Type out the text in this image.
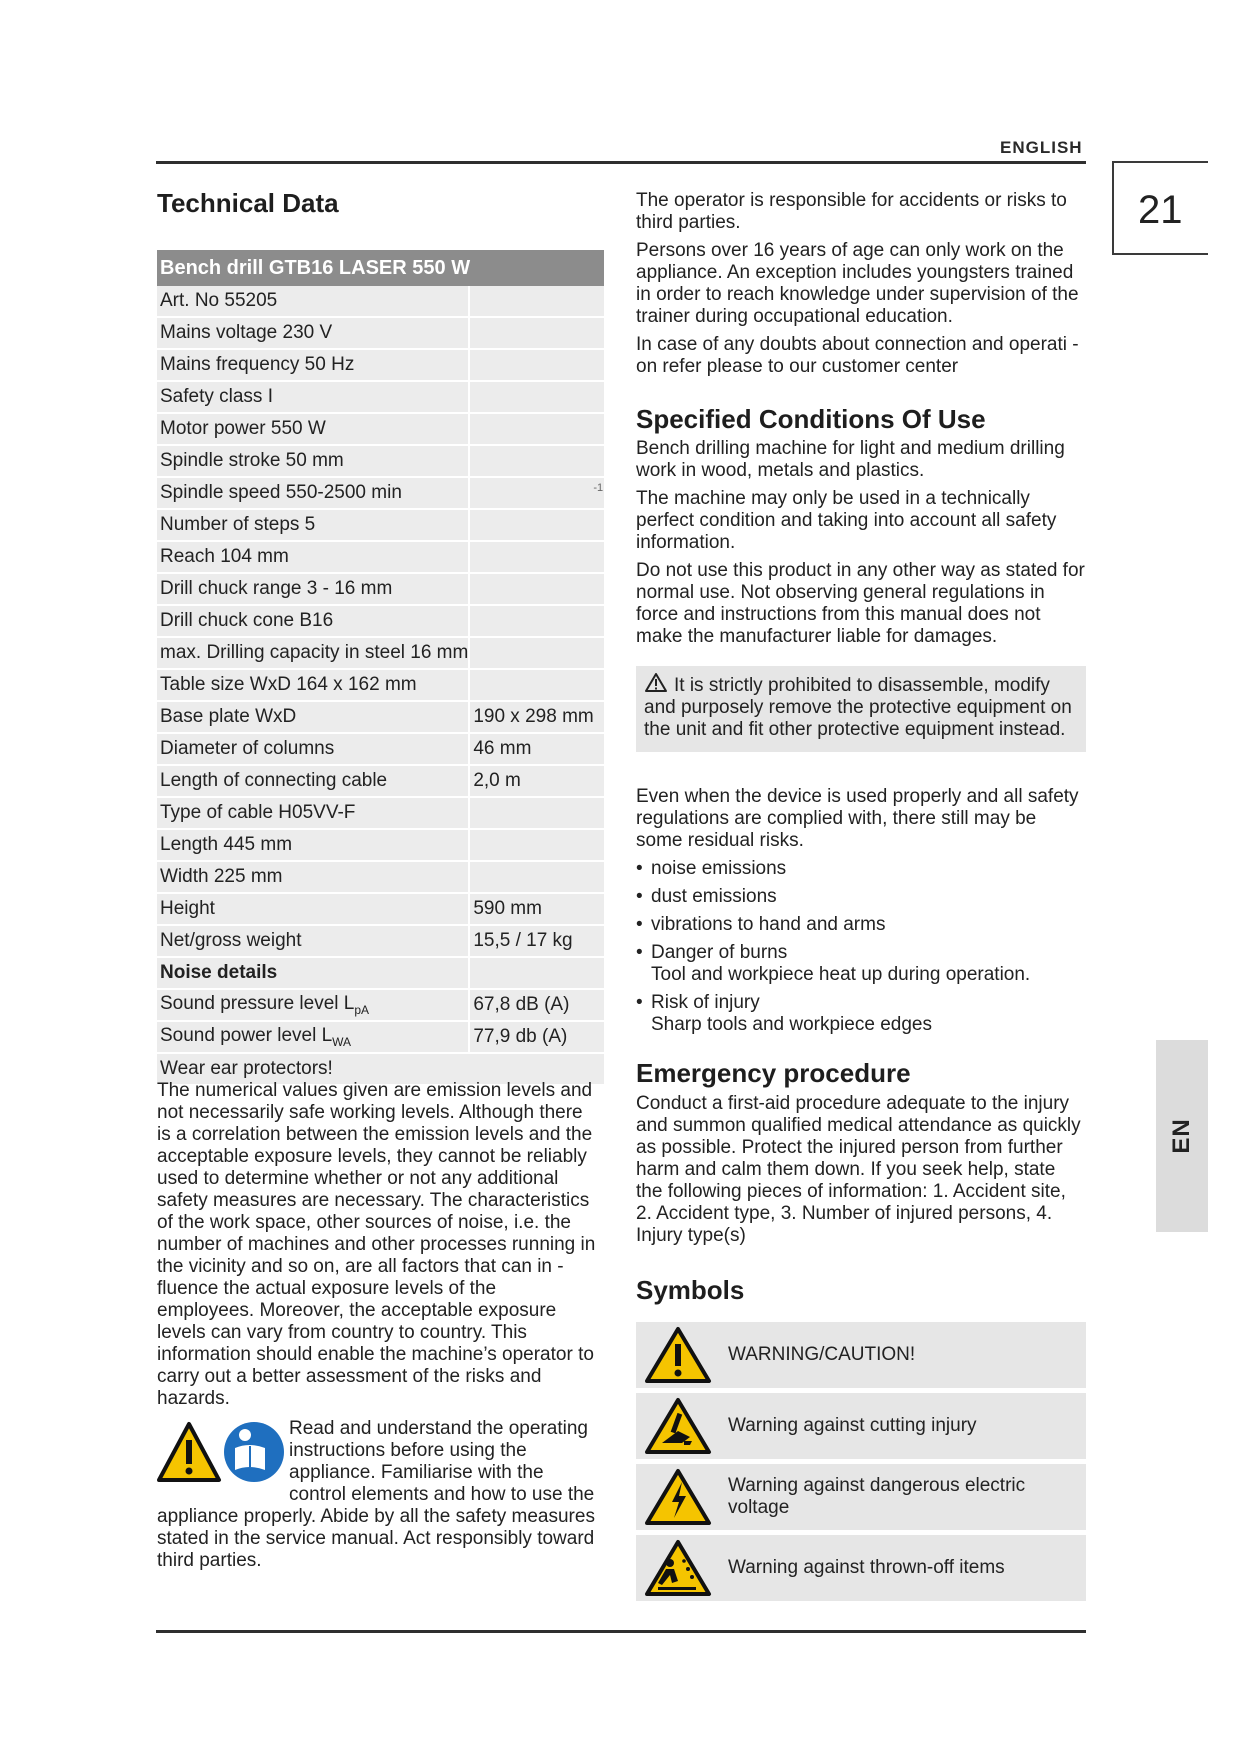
ENGLISH
21
EN
Technical Data
Bench drill GTB16 LASER 550 W	
Art. No 55205	
Mains voltage 230 V	
Mains frequency 50 Hz	
Safety class I	
Motor power 550 W	
Spindle stroke 50 mm	
Spindle speed 550-2500 min	$^{-1}$
Number of steps 5	
Reach 104 mm	
Drill chuck range 3 - 16 mm	
Drill chuck cone B16	
max. Drilling capacity in steel 16 mm	
Table size WxD 164 x 162 mm	
Base plate WxD	190 x 298 mm
Diameter of columns	46 mm
Length of connecting cable	2,0 m
Type of cable H05VV-F	
Length 445 mm	
Width 225 mm	
Height	590 mm
Net/gross weight	15,5 / 17 kg
Noise details	
Sound pressure level $L_{pA}$	67,8 dB (A)
Sound power level $L_{WA}$	77,9 db (A)
Wear ear protectors!	
The numerical values given are emission levels and not necessarily safe working levels. Although there is a correlation between the emission levels and the acceptable exposure levels, they cannot be reliably used to determine whether or not any additional safety measures are necessary. The characteristics of the work space, other sources of noise, i.e. the number of machines and other processes running in the vicinity and so on, are all factors that can in - fluence the actual exposure levels of the employees. Moreover, the acceptable exposure levels can vary from country to country. This information should enable the machine’s operator to carry out a better assessment of the risks and hazards.
Read and understand the operating instructions before using the appliance. Familiarise with the control elements and how to use the appliance properly. Abide by all the safety measures stated in the service manual. Act responsibly toward third parties.

The operator is responsible for accidents or risks to third parties.

Persons over 16 years of age can only work on the appliance. An exception includes youngsters trained in order to reach knowledge under supervision of the trainer during occupational education.

In case of any doubts about connection and operati - on refer please to our customer center

Specified Conditions Of Use

Bench drilling machine for light and medium drilling work in wood, metals and plastics.

The machine may only be used in a technically perfect condition and taking into account all safety information.

Do not use this product in any other way as stated for normal use. Not observing general regulations in force and instructions from this manual does not make the manufacturer liable for damages.

It is strictly prohibited to disassemble, modify and purposely remove the protective equipment on the unit and fit other protective equipment instead.

Even when the device is used properly and all safety regulations are complied with, there still may be some residual risks.

• noise emissions
• dust emissions
• vibrations to hand and arms
• Danger of burns
Tool and workpiece heat up during operation.
• Risk of injury
Sharp tools and workpiece edges
Emergency procedure
Conduct a first-aid procedure adequate to the injury and summon qualified medical attendance as quickly as possible. Protect the injured person from further harm and calm them down. If you seek help, state the following pieces of information: 1. Accident site, 2. Accident type, 3. Number of injured persons, 4. Injury type(s)
Symbols
WARNING/CAUTION!
Warning against cutting injury
Warning against dangerous electric voltage
Warning against thrown-off items
